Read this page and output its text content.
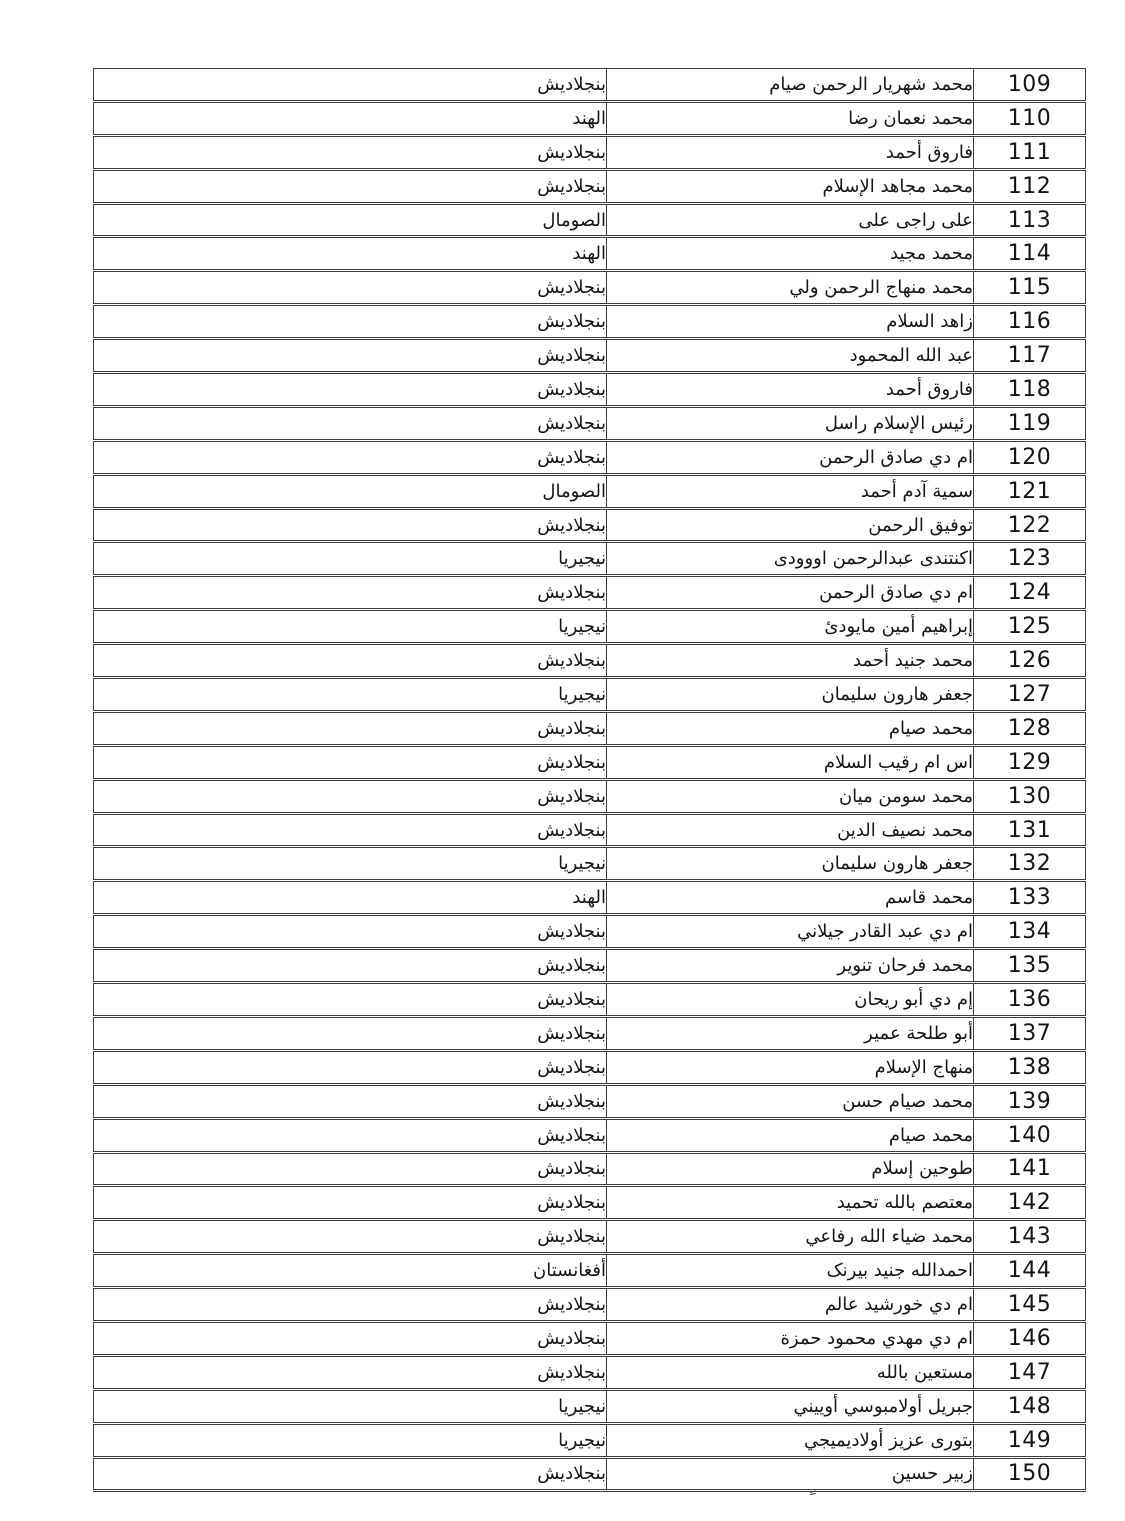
109	محمد شهريار الرحمن صيام	بنجلاديش
110	محمد نعمان رضا	الهند
111	فاروق أحمد	بنجلاديش
112	محمد مجاهد الإسلام	بنجلاديش
113	على راجى على	الصومال
114	محمد مجيد	الهند
115	محمد منهاج الرحمن ولي	بنجلاديش
116	زاهد السلام	بنجلاديش
117	عبد الله المحمود	بنجلاديش
118	فاروق أحمد	بنجلاديش
119	رئيس الإسلام راسل	بنجلاديش
120	ام دي صادق الرحمن	بنجلاديش
121	سمية آدم أحمد	الصومال
122	توفيق الرحمن	بنجلاديش
123	اكنتندى عبدالرحمن اووودى	نيجيريا
124	ام دي صادق الرحمن	بنجلاديش
125	إبراهيم أمين مايودئ	نيجيريا
126	محمد جنيد أحمد	بنجلاديش
127	جعفر هارون سليمان	نيجيريا
128	محمد صيام	بنجلاديش
129	اس ام رقيب السلام	بنجلاديش
130	محمد سومن ميان	بنجلاديش
131	محمد نصيف الدين	بنجلاديش
132	جعفر هارون سليمان	نيجيريا
133	محمد قاسم	الهند
134	ام دي عبد القادر جيلاني	بنجلاديش
135	محمد فرحان تنوير	بنجلاديش
136	إم دي أبو ريحان	بنجلاديش
137	أبو طلحة عمير	بنجلاديش
138	منهاج الإسلام	بنجلاديش
139	محمد صيام حسن	بنجلاديش
140	محمد صيام	بنجلاديش
141	طوحين إسلام	بنجلاديش
142	معتصم بالله تحميد	بنجلاديش
143	محمد ضياء الله رفاعي	بنجلاديش
144	احمدالله جنيد بيرنک	أفغانستان
145	ام دي خورشيد عالم	بنجلاديش
146	ام دي مهدي محمود حمزة	بنجلاديش
147	مستعين بالله	بنجلاديش
148	جبريل أولامبوسي أوييني	نيجيريا
149	بتورى عزيز أولاديميجي	نيجيريا
150	زبير حسين	بنجلاديش
ً
